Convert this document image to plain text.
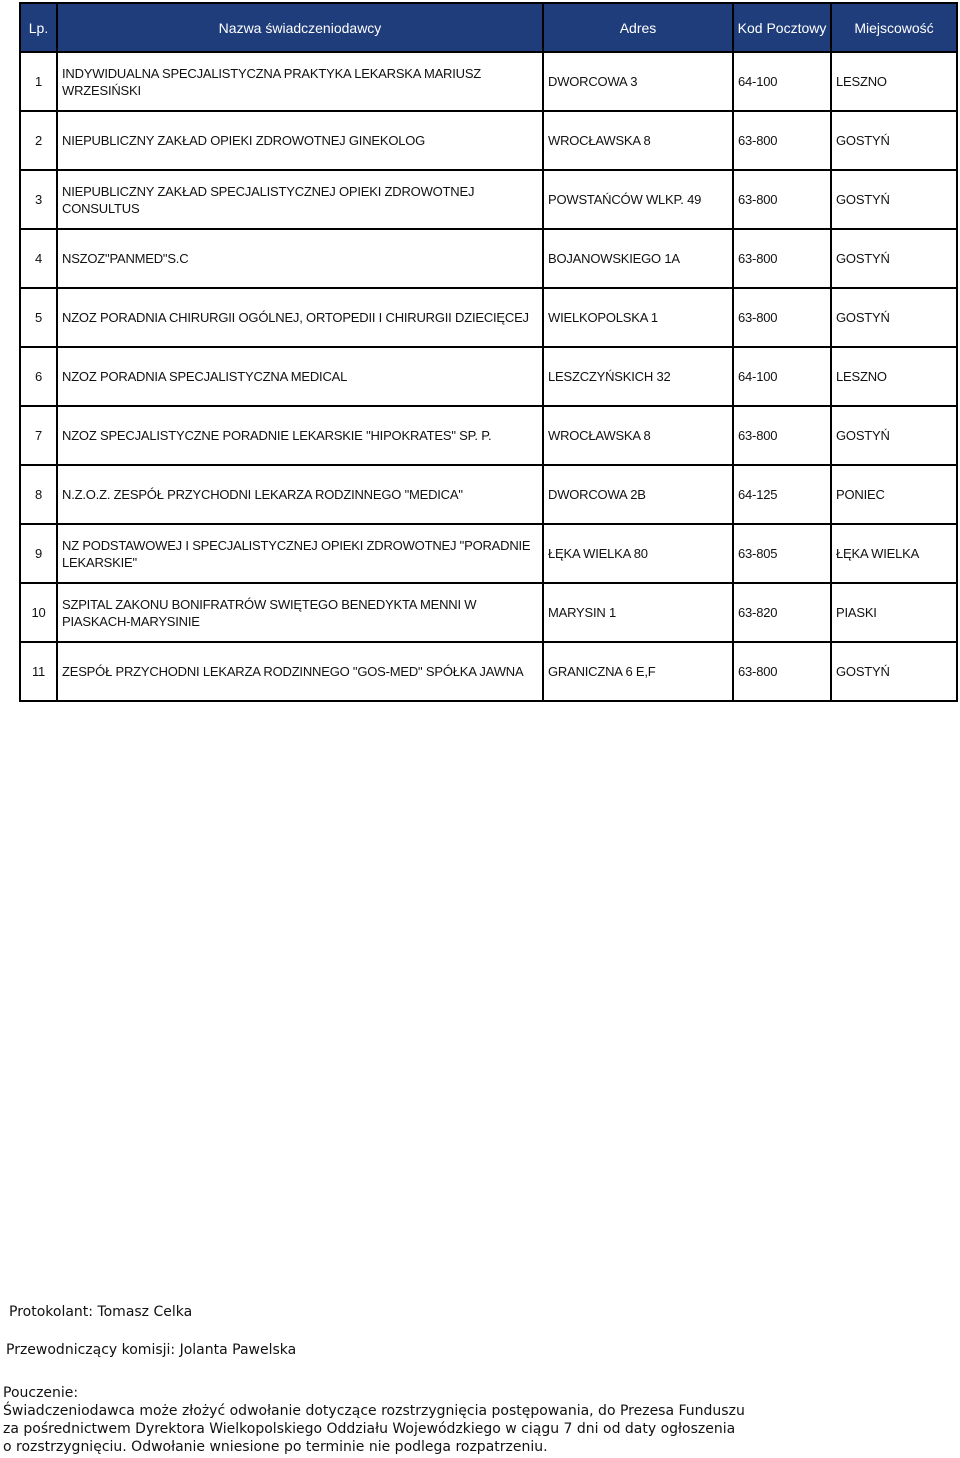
Lp.	Nazwa świadczeniodawcy	Adres	Kod Pocztowy	Miejscowość
1	INDYWIDUALNA SPECJALISTYCZNA PRAKTYKA LEKARSKA MARIUSZ WRZESIŃSKI	DWORCOWA 3	64-100	LESZNO
2	NIEPUBLICZNY ZAKŁAD OPIEKI ZDROWOTNEJ GINEKOLOG	WROCŁAWSKA 8	63-800	GOSTYŃ
3	NIEPUBLICZNY ZAKŁAD SPECJALISTYCZNEJ OPIEKI ZDROWOTNEJ CONSULTUS	POWSTAŃCÓW WLKP. 49	63-800	GOSTYŃ
4	NSZOZ"PANMED"S.C	BOJANOWSKIEGO 1A	63-800	GOSTYŃ
5	NZOZ PORADNIA CHIRURGII OGÓLNEJ, ORTOPEDII I CHIRURGII DZIECIĘCEJ	WIELKOPOLSKA 1	63-800	GOSTYŃ
6	NZOZ PORADNIA SPECJALISTYCZNA MEDICAL	LESZCZYŃSKICH 32	64-100	LESZNO
7	NZOZ SPECJALISTYCZNE PORADNIE LEKARSKIE "HIPOKRATES" SP. P.	WROCŁAWSKA 8	63-800	GOSTYŃ
8	N.Z.O.Z. ZESPÓŁ PRZYCHODNI LEKARZA RODZINNEGO "MEDICA"	DWORCOWA 2B	64-125	PONIEC
9	NZ PODSTAWOWEJ I SPECJALISTYCZNEJ OPIEKI ZDROWOTNEJ "PORADNIE LEKARSKIE"	ŁĘKA WIELKA 80	63-805	ŁĘKA WIELKA
10	SZPITAL ZAKONU BONIFRATRÓW SWIĘTEGO BENEDYKTA MENNI W PIASKACH-MARYSINIE	MARYSIN 1	63-820	PIASKI
11	ZESPÓŁ PRZYCHODNI LEKARZA RODZINNEGO "GOS-MED" SPÓŁKA JAWNA	GRANICZNA 6 E,F	63-800	GOSTYŃ
Protokolant: Tomasz Celka
Przewodniczący komisji: Jolanta Pawelska
Pouczenie:
Świadczeniodawca może złożyć odwołanie dotyczące rozstrzygnięcia postępowania, do Prezesa Funduszu
za pośrednictwem Dyrektora Wielkopolskiego Oddziału Wojewódzkiego w ciągu 7 dni od daty ogłoszenia
o rozstrzygnięciu. Odwołanie wniesione po terminie nie podlega rozpatrzeniu.
